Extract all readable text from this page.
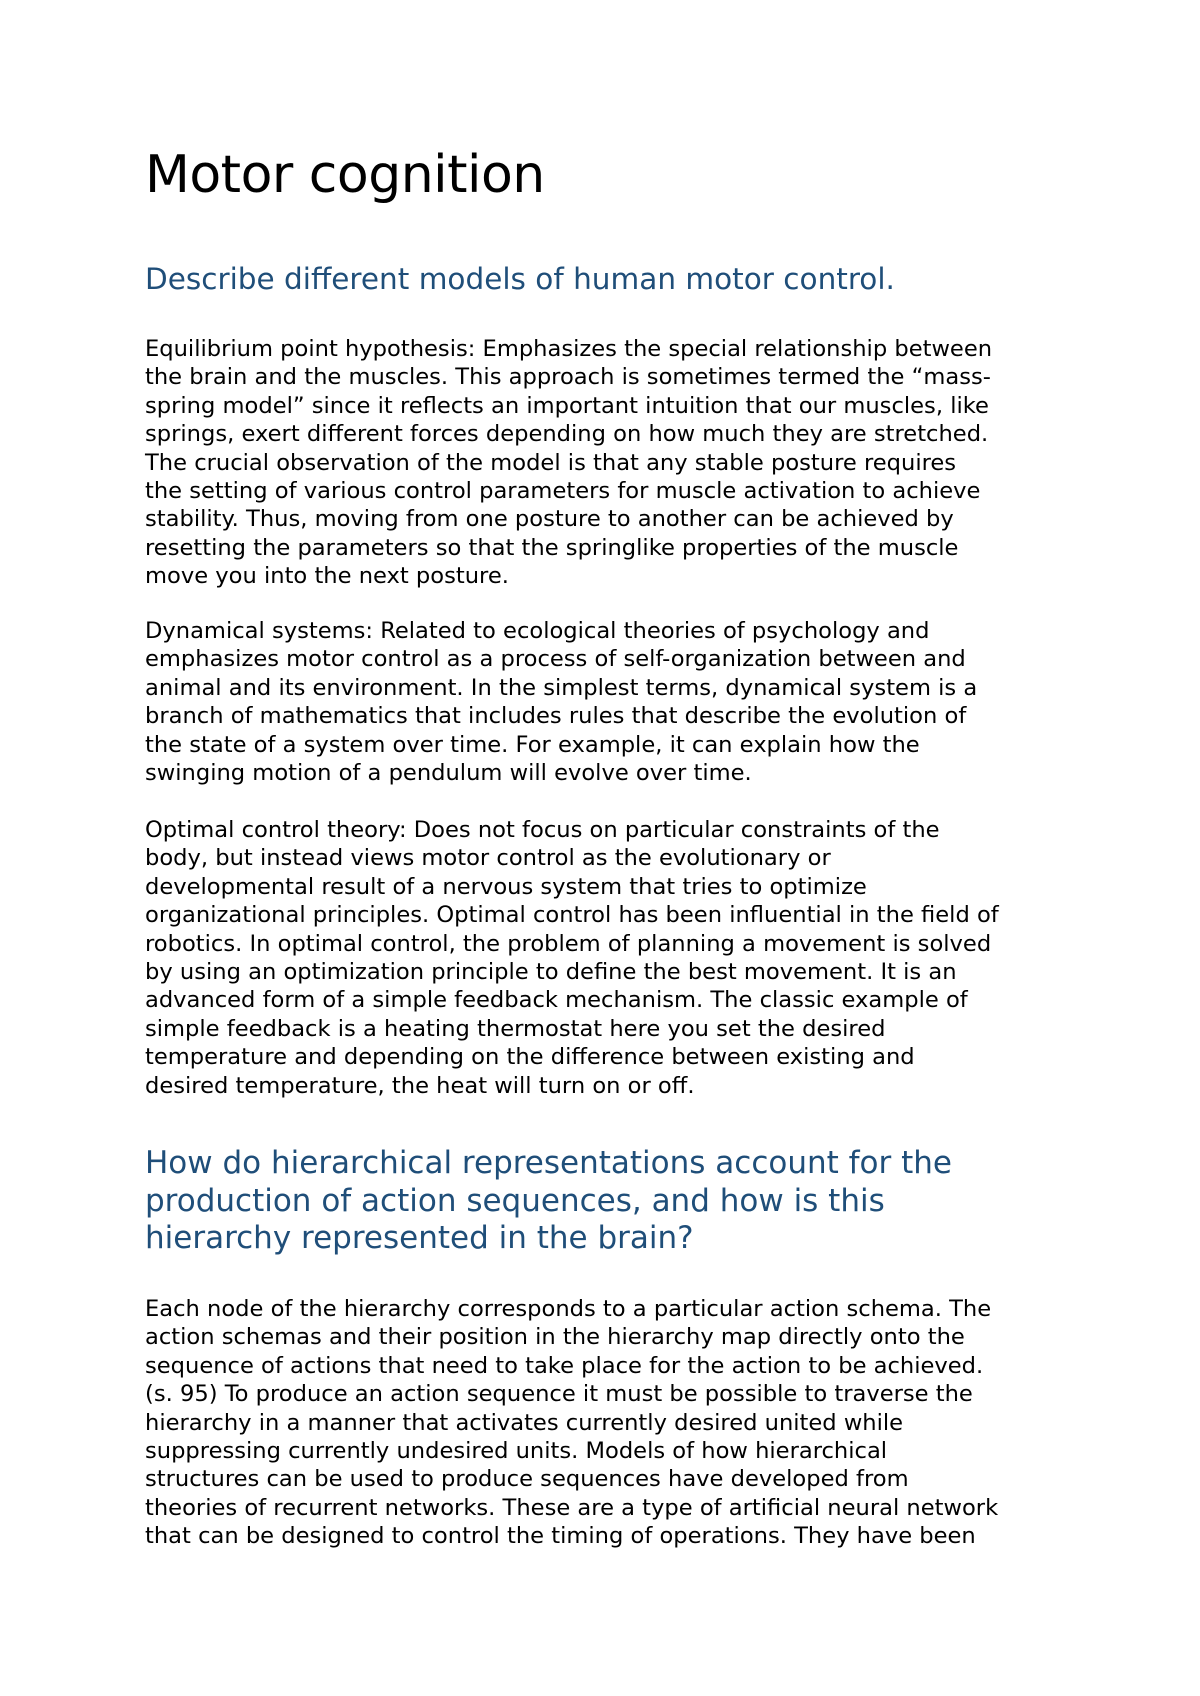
Motor cognition
Describe different models of human motor control.

Equilibrium point hypothesis: Emphasizes the special relationship between
the brain and the muscles. This approach is sometimes termed the “mass-
spring model” since it reflects an important intuition that our muscles, like
springs, exert different forces depending on how much they are stretched.
The crucial observation of the model is that any stable posture requires
the setting of various control parameters for muscle activation to achieve
stability. Thus, moving from one posture to another can be achieved by
resetting the parameters so that the springlike properties of the muscle
move you into the next posture.

Dynamical systems: Related to ecological theories of psychology and
emphasizes motor control as a process of self-organization between and
animal and its environment. In the simplest terms, dynamical system is a
branch of mathematics that includes rules that describe the evolution of
the state of a system over time. For example, it can explain how the
swinging motion of a pendulum will evolve over time.

Optimal control theory: Does not focus on particular constraints of the
body, but instead views motor control as the evolutionary or
developmental result of a nervous system that tries to optimize
organizational principles. Optimal control has been influential in the field of
robotics. In optimal control, the problem of planning a movement is solved
by using an optimization principle to define the best movement. It is an
advanced form of a simple feedback mechanism. The classic example of
simple feedback is a heating thermostat here you set the desired
temperature and depending on the difference between existing and
desired temperature, the heat will turn on or off.

How do hierarchical representations account for the
production of action sequences, and how is this
hierarchy represented in the brain?

Each node of the hierarchy corresponds to a particular action schema. The
action schemas and their position in the hierarchy map directly onto the
sequence of actions that need to take place for the action to be achieved.
(s. 95) To produce an action sequence it must be possible to traverse the
hierarchy in a manner that activates currently desired united while
suppressing currently undesired units. Models of how hierarchical
structures can be used to produce sequences have developed from
theories of recurrent networks. These are a type of artificial neural network
that can be designed to control the timing of operations. They have been
